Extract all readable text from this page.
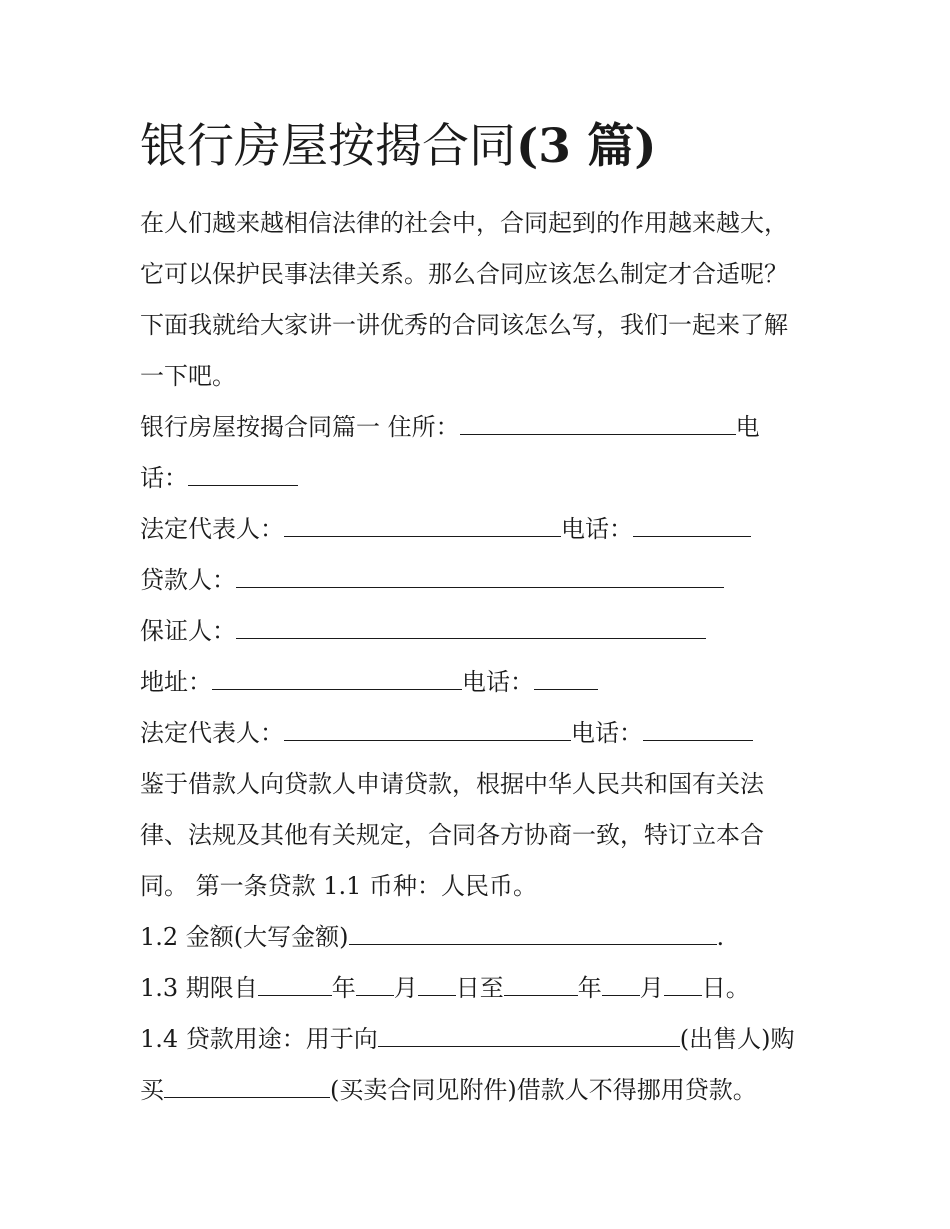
银行房屋按揭合同(3 篇)
在人们越来越相信法律的社会中，合同起到的作用越来越大，
它可以保护民事法律关系。那么合同应该怎么制定才合适呢？
下面我就给大家讲一讲优秀的合同该怎么写，我们一起来了解
一下吧。
银行房屋按揭合同篇一 住所：	电
话：
法定代表人：	电话：
贷款人：
保证人：
地址：	电话：
法定代表人：	电话：
鉴于借款人向贷款人申请贷款，根据中华人民共和国有关法
律、法规及其他有关规定，合同各方协商一致，特订立本合
同。 第一条贷款 1.1 币种：人民币。
1.2 金额(大写金额)	.
1.3 期限自	年 月 日至	年 月 日。
1.4 贷款用途：用于向	(出售人)购
买	(买卖合同见附件)借款人不得挪用贷款。
